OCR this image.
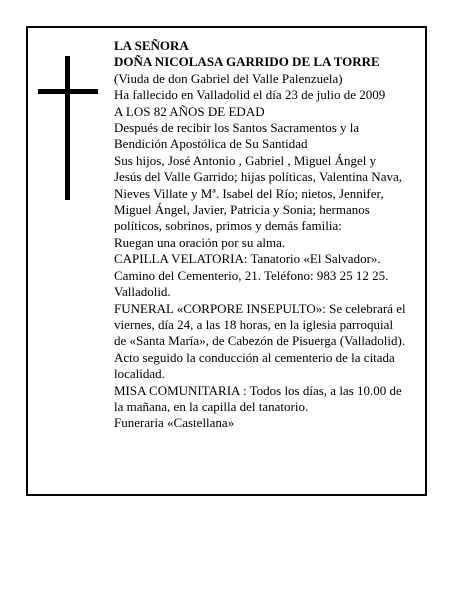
LA SEÑORA
DOÑA NICOLASA GARRIDO DE LA TORRE
(Viuda de don Gabriel del Valle Palenzuela)
Ha fallecido en Valladolid el día 23 de julio de 2009
A LOS 82 AÑOS DE EDAD
Después de recibir los Santos Sacramentos y la
Bendición Apostólica de Su Santidad
Sus hijos, José Antonio , Gabriel , Miguel Ángel y
Jesús del Valle Garrido; hijas políticas, Valentina Nava,
Nieves Villate y Mª. Isabel del Río; nietos, Jennifer,
Miguel Ángel, Javier, Patricia y Sonia; hermanos
políticos, sobrinos, primos y demás familia:
Ruegan una oración por su alma.
CAPILLA VELATORIA: Tanatorio «El Salvador».
Camino del Cementerio, 21. Teléfono: 983 25 12 25.
Valladolid.
FUNERAL «CORPORE INSEPULTO»: Se celebrará el
viernes, día 24, a las 18 horas, en la iglesia parroquial
de «Santa María», de Cabezón de Pisuerga (Valladolid).
Acto seguido la conducción al cementerio de la citada
localidad.
MISA COMUNITARIA : Todos los días, a las 10.00 de
la mañana, en la capilla del tanatorio.
Funeraria «Castellana»
